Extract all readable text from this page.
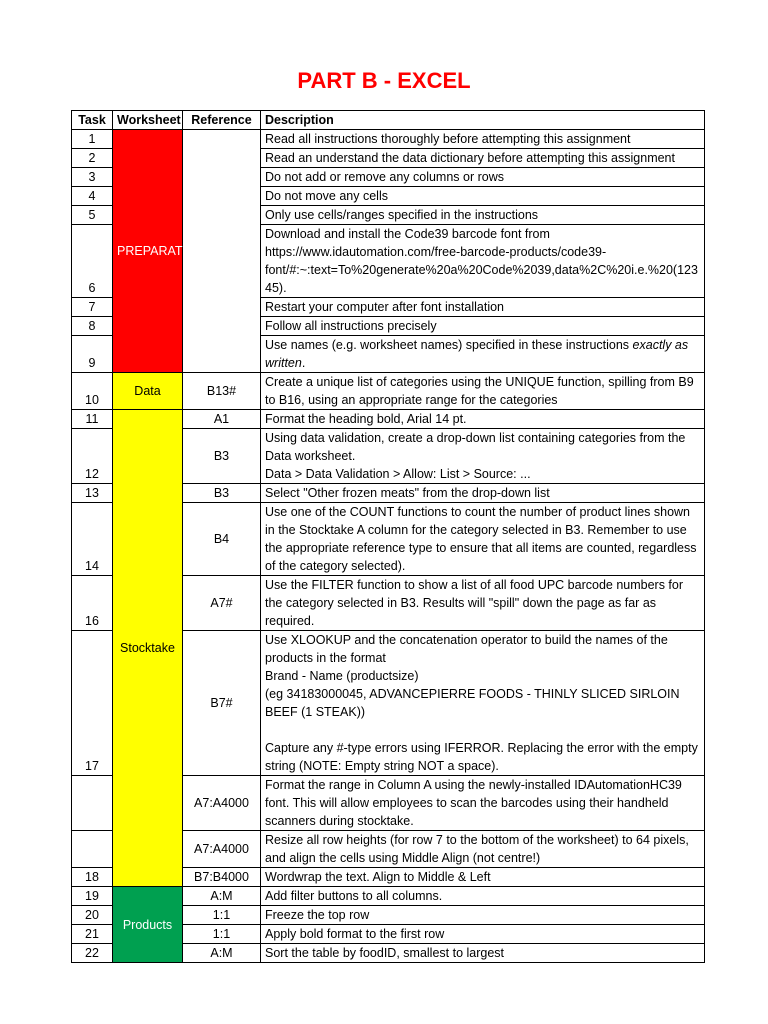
PART B - EXCEL
Task	Worksheet	Reference	Description
1	PREPARATION		Read all instructions thoroughly before attempting this assignment
2			Read an understand the data dictionary before attempting this assignment
3			Do not add or remove any columns or rows
4			Do not move any cells
5			Only use cells/ranges specified in the instructions
6			Download and install the Code39 barcode font from https://www.idautomation.com/free-barcode-products/code39-font/#:~:text=To%20generate%20a%20Code%2039,data%2C%20i.e.%20(12345).
7			Restart your computer after font installation
8			Follow all instructions precisely
9			Use names (e.g. worksheet names) specified in these instructions exactly as written.
10	Data	B13#	Create a unique list of categories using the UNIQUE function, spilling from B9 to B16, using an appropriate range for the categories
11	Stocktake	A1	Format the heading bold, Arial 14 pt.
12		B3	Using data validation, create a drop-down list containing categories from the Data worksheet.
Data > Data Validation > Allow: List > Source: ...

13		B3	Select "Other frozen meats" from the drop-down list
14		B4	Use one of the COUNT functions to count the number of product lines shown in the Stocktake A column for the category selected in B3. Remember to use the appropriate reference type to ensure that all items are counted, regardless of the category selected).
16		A7#	Use the FILTER function to show a list of all food UPC barcode numbers for the category selected in B3. Results will "spill" down the page as far as required.
17		B7#	Use XLOOKUP and the concatenation operator to build the names of the products in the format
Brand - Name (productsize)
(eg 34183000045, ADVANCEPIERRE FOODS - THINLY SLICED SIRLOIN BEEF (1 STEAK))
Capture any #-type errors using IFERROR. Replacing the error with the empty string (NOTE: Empty string NOT a space).

		A7:A4000	Format the range in Column A using the newly-installed IDAutomationHC39 font. This will allow employees to scan the barcodes using their handheld scanners during stocktake.
		A7:A4000	Resize all row heights (for row 7 to the bottom of the worksheet) to 64 pixels, and align the cells using Middle Align (not centre!)
18		B7:B4000	Wordwrap the text. Align to Middle & Left
19	Products	A:M	Add filter buttons to all columns.
20		1:1	Freeze the top row
21		1:1	Apply bold format to the first row
22		A:M	Sort the table by foodID, smallest to largest
